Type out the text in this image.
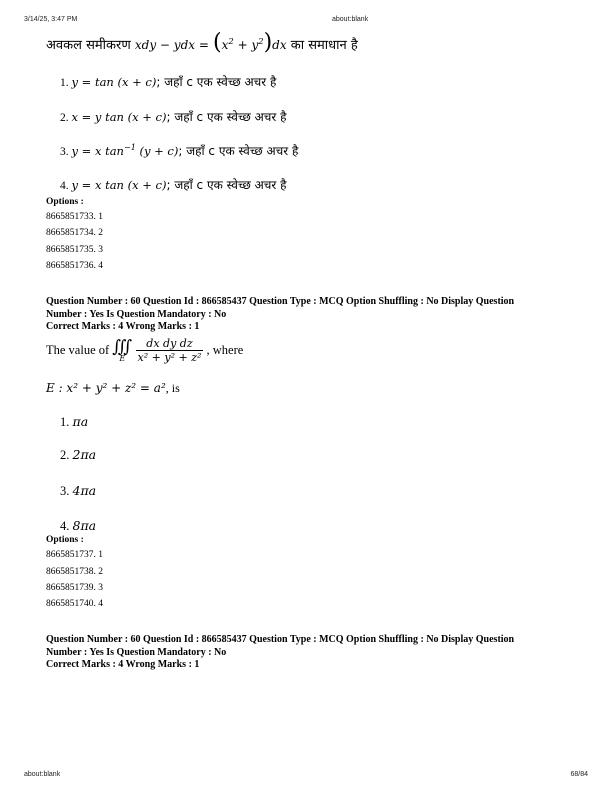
3/14/25, 3:47 PM	about:blank
अवकल समीकरण xdy − ydx = $(x^2 + y^2)dx$ का समाधान है
1. y = tan (x + c); जहाँ c एक स्वेच्छ अचर है
2. x = y tan (x + c); जहाँ c एक स्वेच्छ अचर है
3. y = x $\tan^{-1} (y + c)$; जहाँ c एक स्वेच्छ अचर है
4. y = x tan (x + c); जहाँ c एक स्वेच्छ अचर है
Options :
8665851733. 1
8665851734. 2
8665851735. 3
8665851736. 4
Question Number : 60 Question Id : 866585437 Question Type : MCQ Option Shuffling : No Display Question
Number : Yes Is Question Mandatory : No
Correct Marks : 4 Wrong Marks : 1
The value of ∭
E
$\frac{\text{dx dy dz}}{\text{x² + y² + z²}}$ , where
E : x² + y² + z² = a², is
1. πa
2. 2πa
3. 4πa
4. 8πa
Options :
8665851737. 1
8665851738. 2
8665851739. 3
8665851740. 4
Question Number : 60 Question Id : 866585437 Question Type : MCQ Option Shuffling : No Display Question
Number : Yes Is Question Mandatory : No
Correct Marks : 4 Wrong Marks : 1
about:blank	68/84
